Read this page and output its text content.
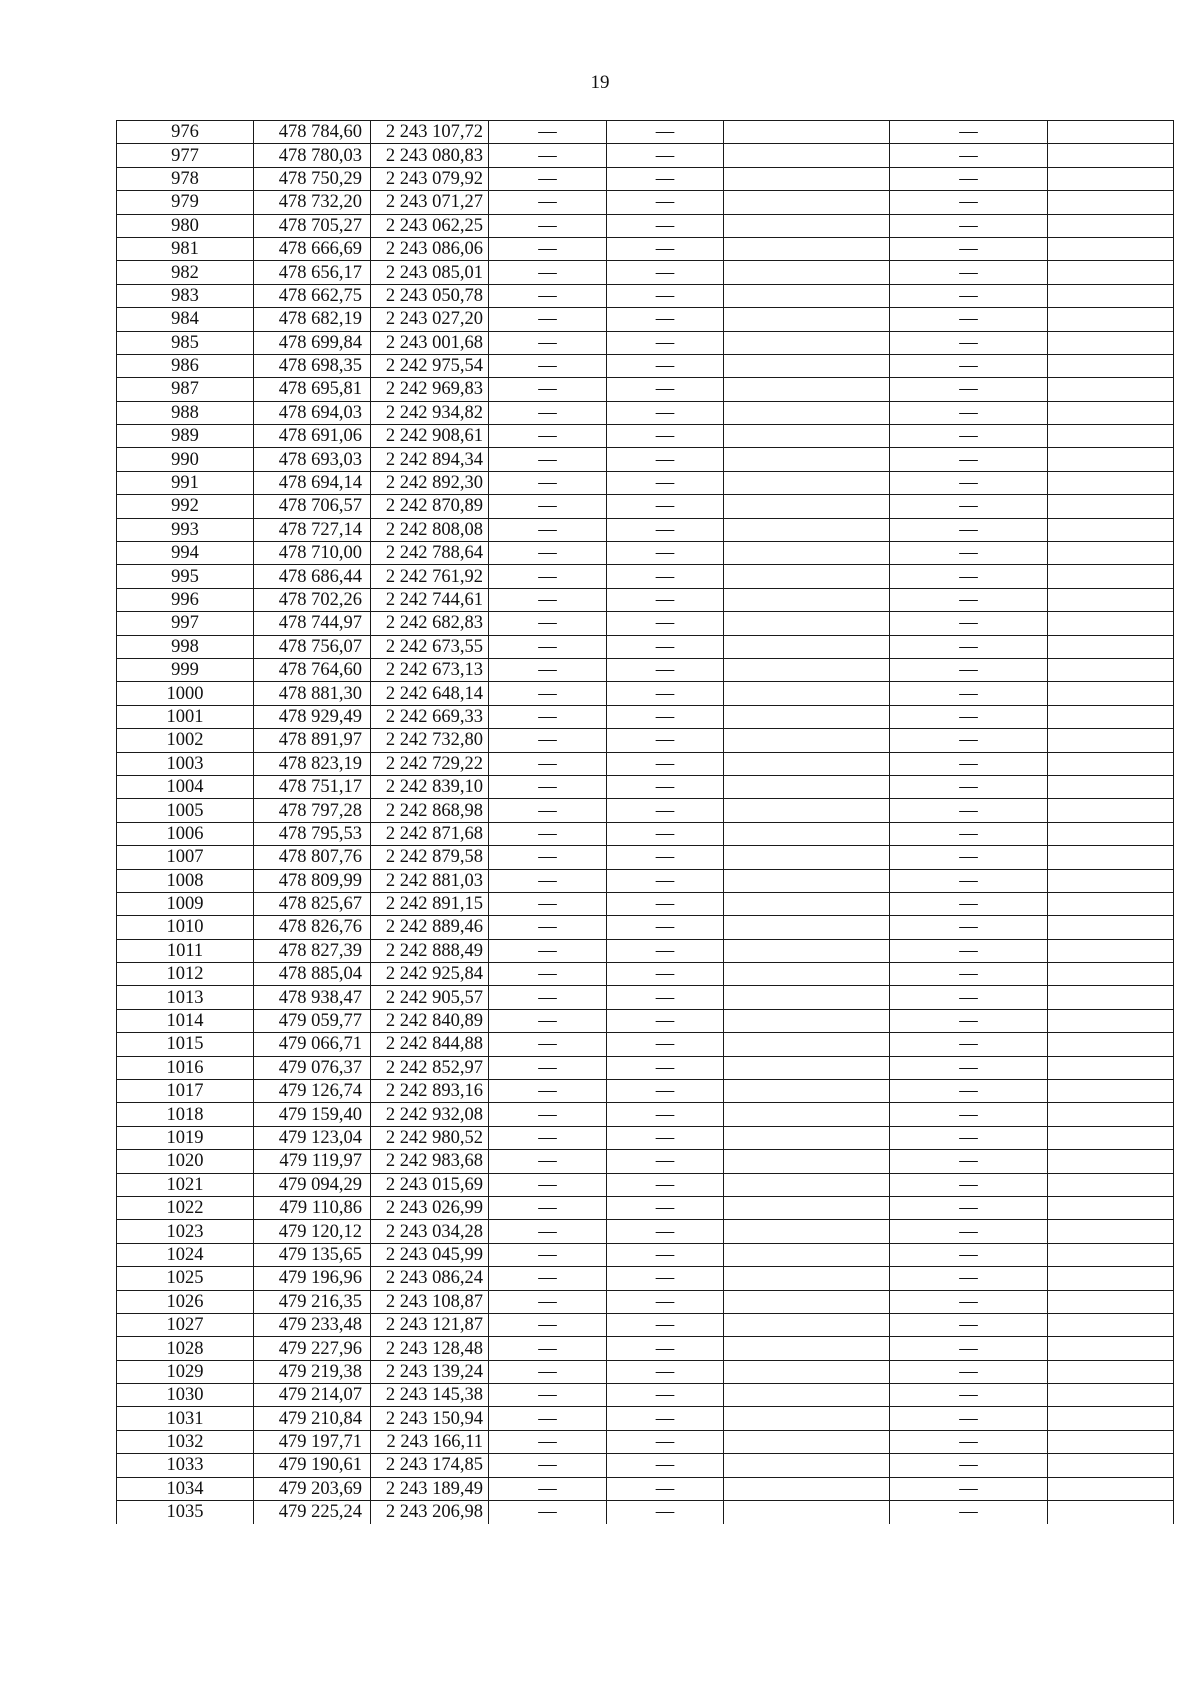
19
976	478 784,60	2 243 107,72	—	—		—	
977	478 780,03	2 243 080,83	—	—		—	
978	478 750,29	2 243 079,92	—	—		—	
979	478 732,20	2 243 071,27	—	—		—	
980	478 705,27	2 243 062,25	—	—		—	
981	478 666,69	2 243 086,06	—	—		—	
982	478 656,17	2 243 085,01	—	—		—	
983	478 662,75	2 243 050,78	—	—		—	
984	478 682,19	2 243 027,20	—	—		—	
985	478 699,84	2 243 001,68	—	—		—	
986	478 698,35	2 242 975,54	—	—		—	
987	478 695,81	2 242 969,83	—	—		—	
988	478 694,03	2 242 934,82	—	—		—	
989	478 691,06	2 242 908,61	—	—		—	
990	478 693,03	2 242 894,34	—	—		—	
991	478 694,14	2 242 892,30	—	—		—	
992	478 706,57	2 242 870,89	—	—		—	
993	478 727,14	2 242 808,08	—	—		—	
994	478 710,00	2 242 788,64	—	—		—	
995	478 686,44	2 242 761,92	—	—		—	
996	478 702,26	2 242 744,61	—	—		—	
997	478 744,97	2 242 682,83	—	—		—	
998	478 756,07	2 242 673,55	—	—		—	
999	478 764,60	2 242 673,13	—	—		—	
1000	478 881,30	2 242 648,14	—	—		—	
1001	478 929,49	2 242 669,33	—	—		—	
1002	478 891,97	2 242 732,80	—	—		—	
1003	478 823,19	2 242 729,22	—	—		—	
1004	478 751,17	2 242 839,10	—	—		—	
1005	478 797,28	2 242 868,98	—	—		—	
1006	478 795,53	2 242 871,68	—	—		—	
1007	478 807,76	2 242 879,58	—	—		—	
1008	478 809,99	2 242 881,03	—	—		—	
1009	478 825,67	2 242 891,15	—	—		—	
1010	478 826,76	2 242 889,46	—	—		—	
1011	478 827,39	2 242 888,49	—	—		—	
1012	478 885,04	2 242 925,84	—	—		—	
1013	478 938,47	2 242 905,57	—	—		—	
1014	479 059,77	2 242 840,89	—	—		—	
1015	479 066,71	2 242 844,88	—	—		—	
1016	479 076,37	2 242 852,97	—	—		—	
1017	479 126,74	2 242 893,16	—	—		—	
1018	479 159,40	2 242 932,08	—	—		—	
1019	479 123,04	2 242 980,52	—	—		—	
1020	479 119,97	2 242 983,68	—	—		—	
1021	479 094,29	2 243 015,69	—	—		—	
1022	479 110,86	2 243 026,99	—	—		—	
1023	479 120,12	2 243 034,28	—	—		—	
1024	479 135,65	2 243 045,99	—	—		—	
1025	479 196,96	2 243 086,24	—	—		—	
1026	479 216,35	2 243 108,87	—	—		—	
1027	479 233,48	2 243 121,87	—	—		—	
1028	479 227,96	2 243 128,48	—	—		—	
1029	479 219,38	2 243 139,24	—	—		—	
1030	479 214,07	2 243 145,38	—	—		—	
1031	479 210,84	2 243 150,94	—	—		—	
1032	479 197,71	2 243 166,11	—	—		—	
1033	479 190,61	2 243 174,85	—	—		—	
1034	479 203,69	2 243 189,49	—	—		—	
1035	479 225,24	2 243 206,98	—	—		—	
